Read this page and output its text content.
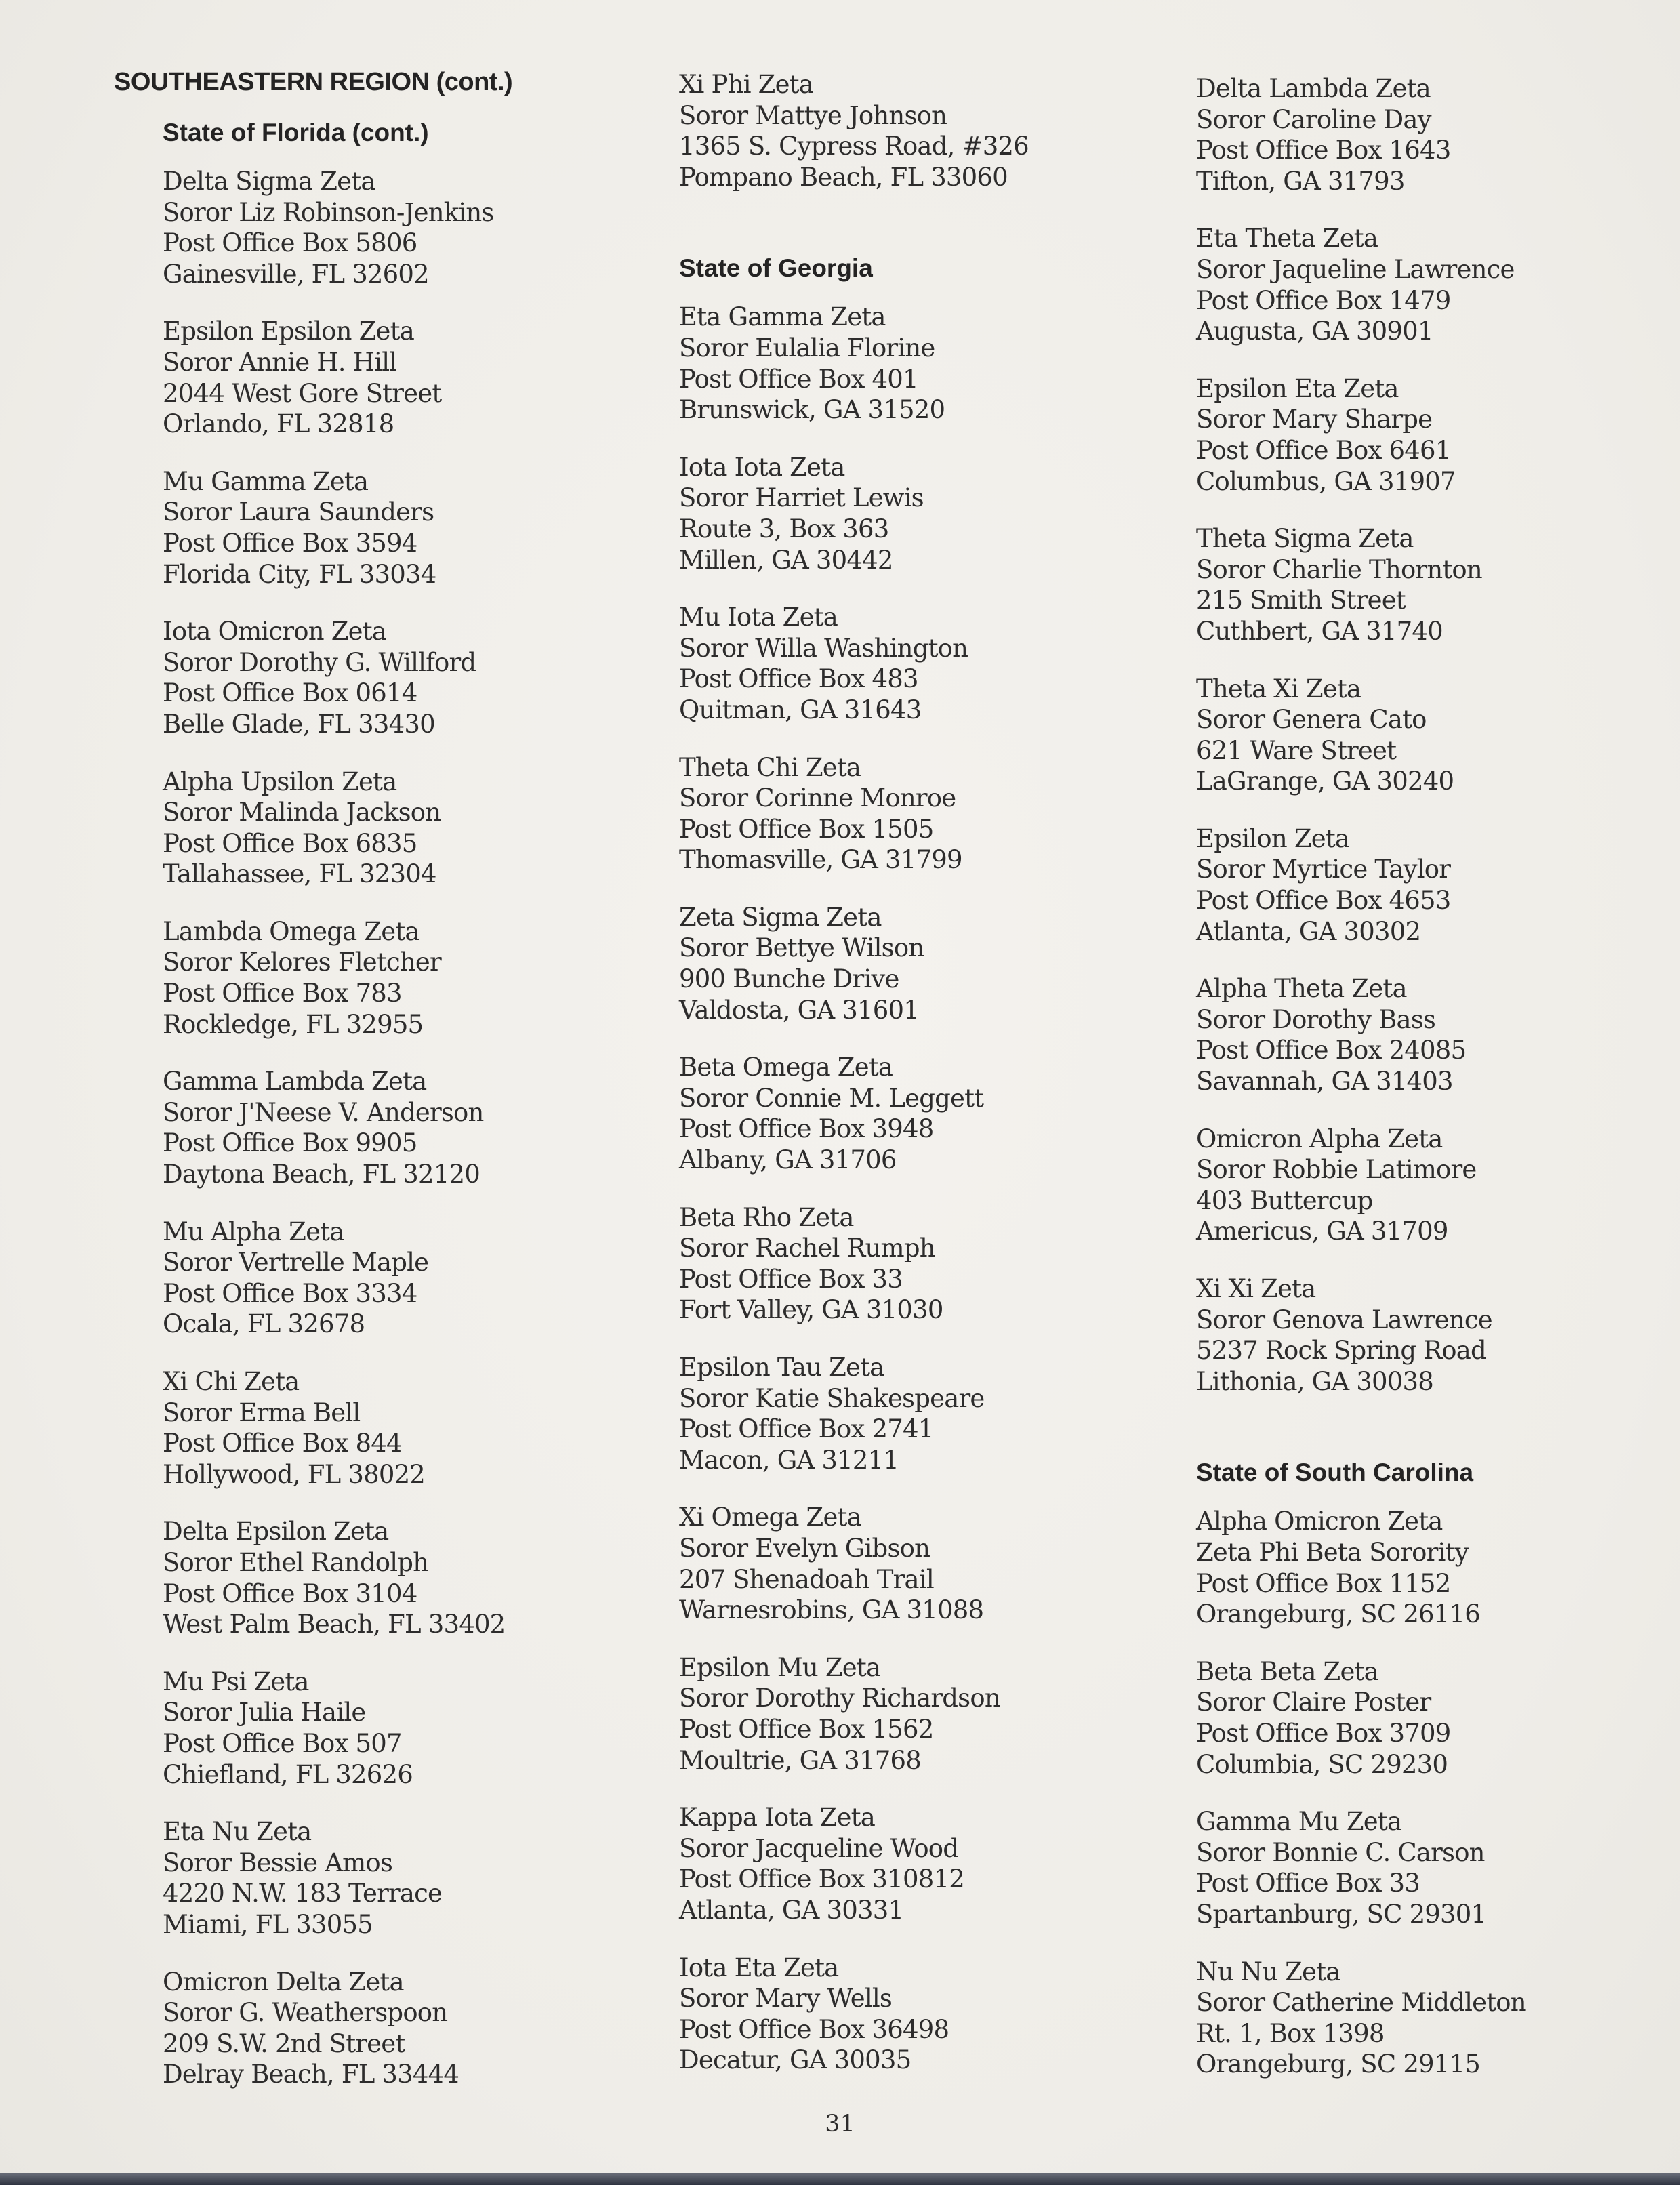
SOUTHEASTERN REGION (cont.)
State of Florida (cont.)
Delta Sigma Zeta
Soror Liz Robinson-Jenkins
Post Office Box 5806
Gainesville, FL 32602
Epsilon Epsilon Zeta
Soror Annie H. Hill
2044 West Gore Street
Orlando, FL 32818
Mu Gamma Zeta
Soror Laura Saunders
Post Office Box 3594
Florida City, FL 33034
Iota Omicron Zeta
Soror Dorothy G. Willford
Post Office Box 0614
Belle Glade, FL 33430
Alpha Upsilon Zeta
Soror Malinda Jackson
Post Office Box 6835
Tallahassee, FL 32304
Lambda Omega Zeta
Soror Kelores Fletcher
Post Office Box 783
Rockledge, FL 32955
Gamma Lambda Zeta
Soror J'Neese V. Anderson
Post Office Box 9905
Daytona Beach, FL 32120
Mu Alpha Zeta
Soror Vertrelle Maple
Post Office Box 3334
Ocala, FL 32678
Xi Chi Zeta
Soror Erma Bell
Post Office Box 844
Hollywood, FL 38022
Delta Epsilon Zeta
Soror Ethel Randolph
Post Office Box 3104
West Palm Beach, FL 33402
Mu Psi Zeta
Soror Julia Haile
Post Office Box 507
Chiefland, FL 32626
Eta Nu Zeta
Soror Bessie Amos
4220 N.W. 183 Terrace
Miami, FL 33055
Omicron Delta Zeta
Soror G. Weatherspoon
209 S.W. 2nd Street
Delray Beach, FL 33444
Xi Phi Zeta
Soror Mattye Johnson
1365 S. Cypress Road, #326
Pompano Beach, FL 33060
State of Georgia
Eta Gamma Zeta
Soror Eulalia Florine
Post Office Box 401
Brunswick, GA 31520
Iota Iota Zeta
Soror Harriet Lewis
Route 3, Box 363
Millen, GA 30442
Mu Iota Zeta
Soror Willa Washington
Post Office Box 483
Quitman, GA 31643
Theta Chi Zeta
Soror Corinne Monroe
Post Office Box 1505
Thomasville, GA 31799
Zeta Sigma Zeta
Soror Bettye Wilson
900 Bunche Drive
Valdosta, GA 31601
Beta Omega Zeta
Soror Connie M. Leggett
Post Office Box 3948
Albany, GA 31706
Beta Rho Zeta
Soror Rachel Rumph
Post Office Box 33
Fort Valley, GA 31030
Epsilon Tau Zeta
Soror Katie Shakespeare
Post Office Box 2741
Macon, GA 31211
Xi Omega Zeta
Soror Evelyn Gibson
207 Shenadoah Trail
Warnesrobins, GA 31088
Epsilon Mu Zeta
Soror Dorothy Richardson
Post Office Box 1562
Moultrie, GA 31768
Kappa Iota Zeta
Soror Jacqueline Wood
Post Office Box 310812
Atlanta, GA 30331
Iota Eta Zeta
Soror Mary Wells
Post Office Box 36498
Decatur, GA 30035
Delta Lambda Zeta
Soror Caroline Day
Post Office Box 1643
Tifton, GA 31793
Eta Theta Zeta
Soror Jaqueline Lawrence
Post Office Box 1479
Augusta, GA 30901
Epsilon Eta Zeta
Soror Mary Sharpe
Post Office Box 6461
Columbus, GA 31907
Theta Sigma Zeta
Soror Charlie Thornton
215 Smith Street
Cuthbert, GA 31740
Theta Xi Zeta
Soror Genera Cato
621 Ware Street
LaGrange, GA 30240
Epsilon Zeta
Soror Myrtice Taylor
Post Office Box 4653
Atlanta, GA 30302
Alpha Theta Zeta
Soror Dorothy Bass
Post Office Box 24085
Savannah, GA 31403
Omicron Alpha Zeta
Soror Robbie Latimore
403 Buttercup
Americus, GA 31709
Xi Xi Zeta
Soror Genova Lawrence
5237 Rock Spring Road
Lithonia, GA 30038
State of South Carolina
Alpha Omicron Zeta
Zeta Phi Beta Sorority
Post Office Box 1152
Orangeburg, SC 26116
Beta Beta Zeta
Soror Claire Poster
Post Office Box 3709
Columbia, SC 29230
Gamma Mu Zeta
Soror Bonnie C. Carson
Post Office Box 33
Spartanburg, SC 29301
Nu Nu Zeta
Soror Catherine Middleton
Rt. 1, Box 1398
Orangeburg, SC 29115
31
